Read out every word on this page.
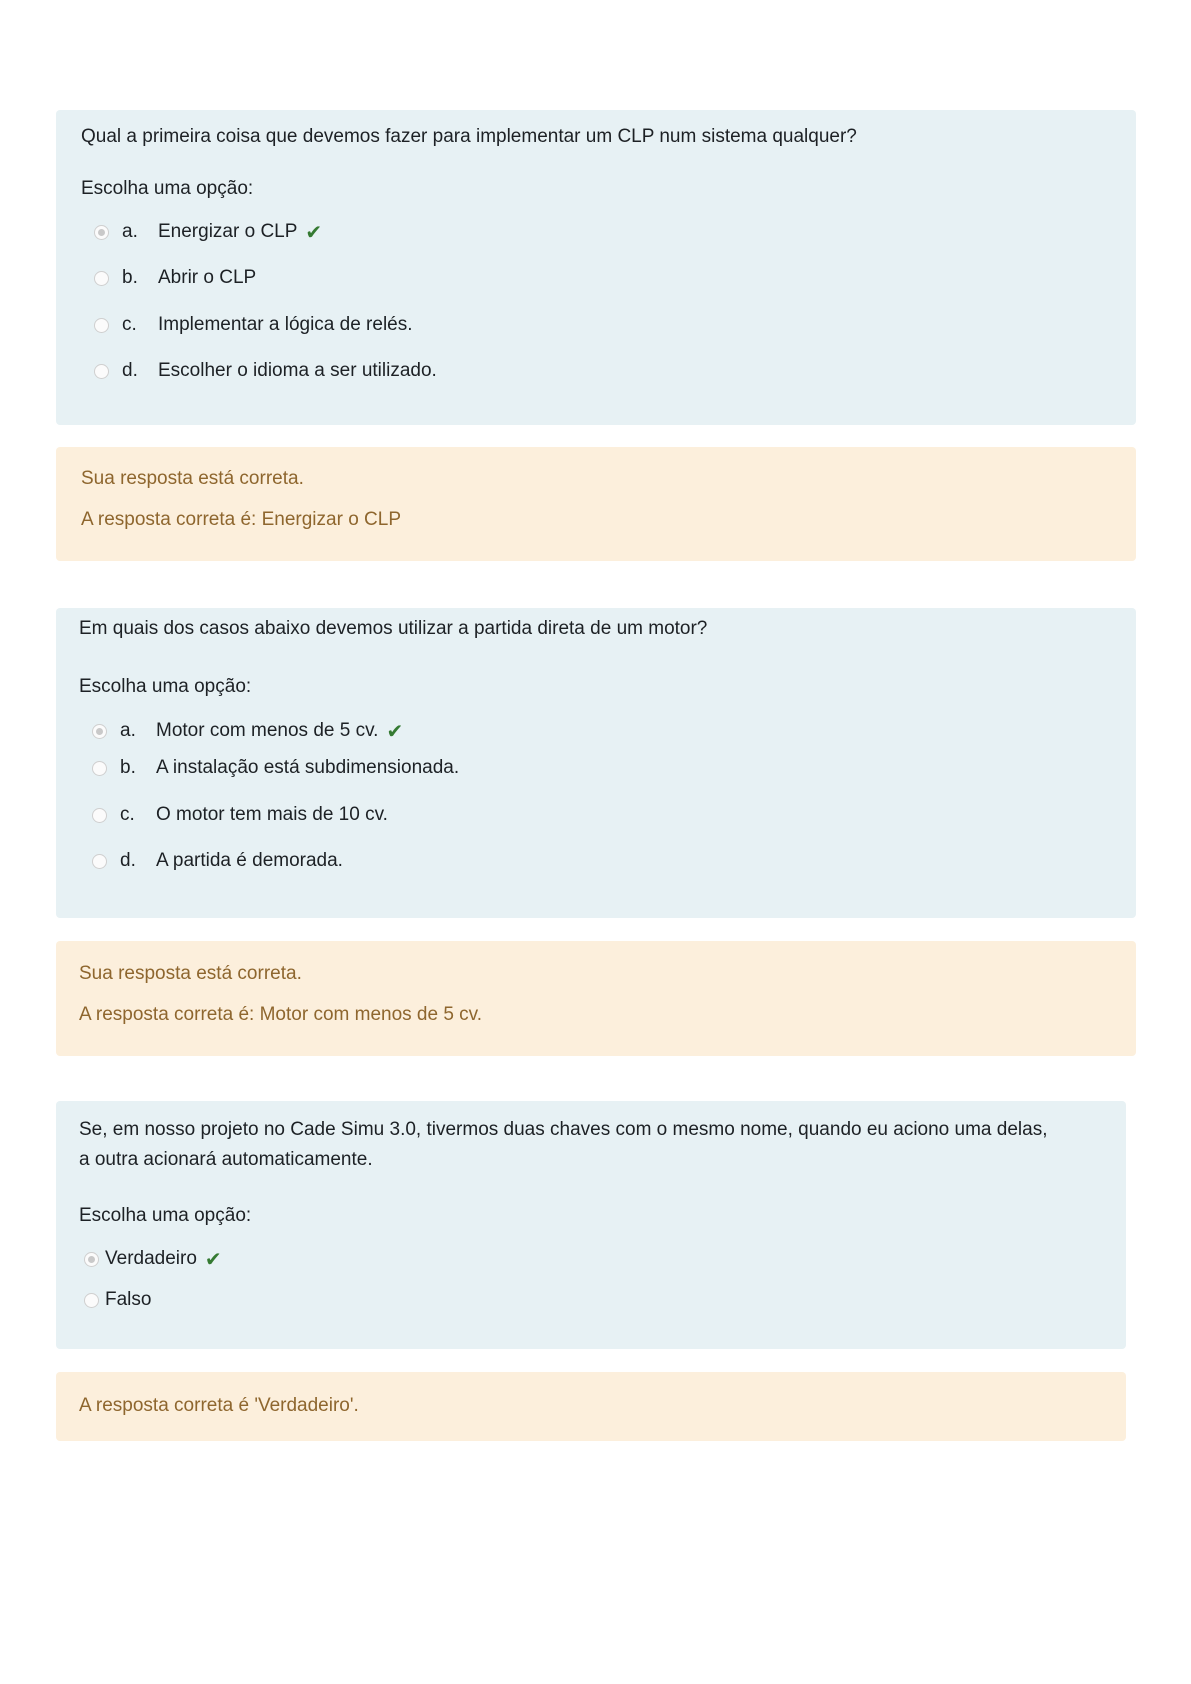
Qual a primeira coisa que devemos fazer para implementar um CLP num sistema qualquer?
Escolha uma opção:
a.	Energizar o CLP ✔
b.	Abrir o CLP
c.	Implementar a lógica de relés.
d.	Escolher o idioma a ser utilizado.
Sua resposta está correta.
A resposta correta é: Energizar o CLP
Em quais dos casos abaixo devemos utilizar a partida direta de um motor?
Escolha uma opção:
a.	Motor com menos de 5 cv. ✔
b.	A instalação está subdimensionada.
c.	O motor tem mais de 10 cv.
d.	A partida é demorada.
Sua resposta está correta.
A resposta correta é: Motor com menos de 5 cv.
Se, em nosso projeto no Cade Simu 3.0, tivermos duas chaves com o mesmo nome, quando eu aciono uma delas,
a outra acionará automaticamente.
Escolha uma opção:
Verdadeiro ✔
Falso
A resposta correta é 'Verdadeiro'.
